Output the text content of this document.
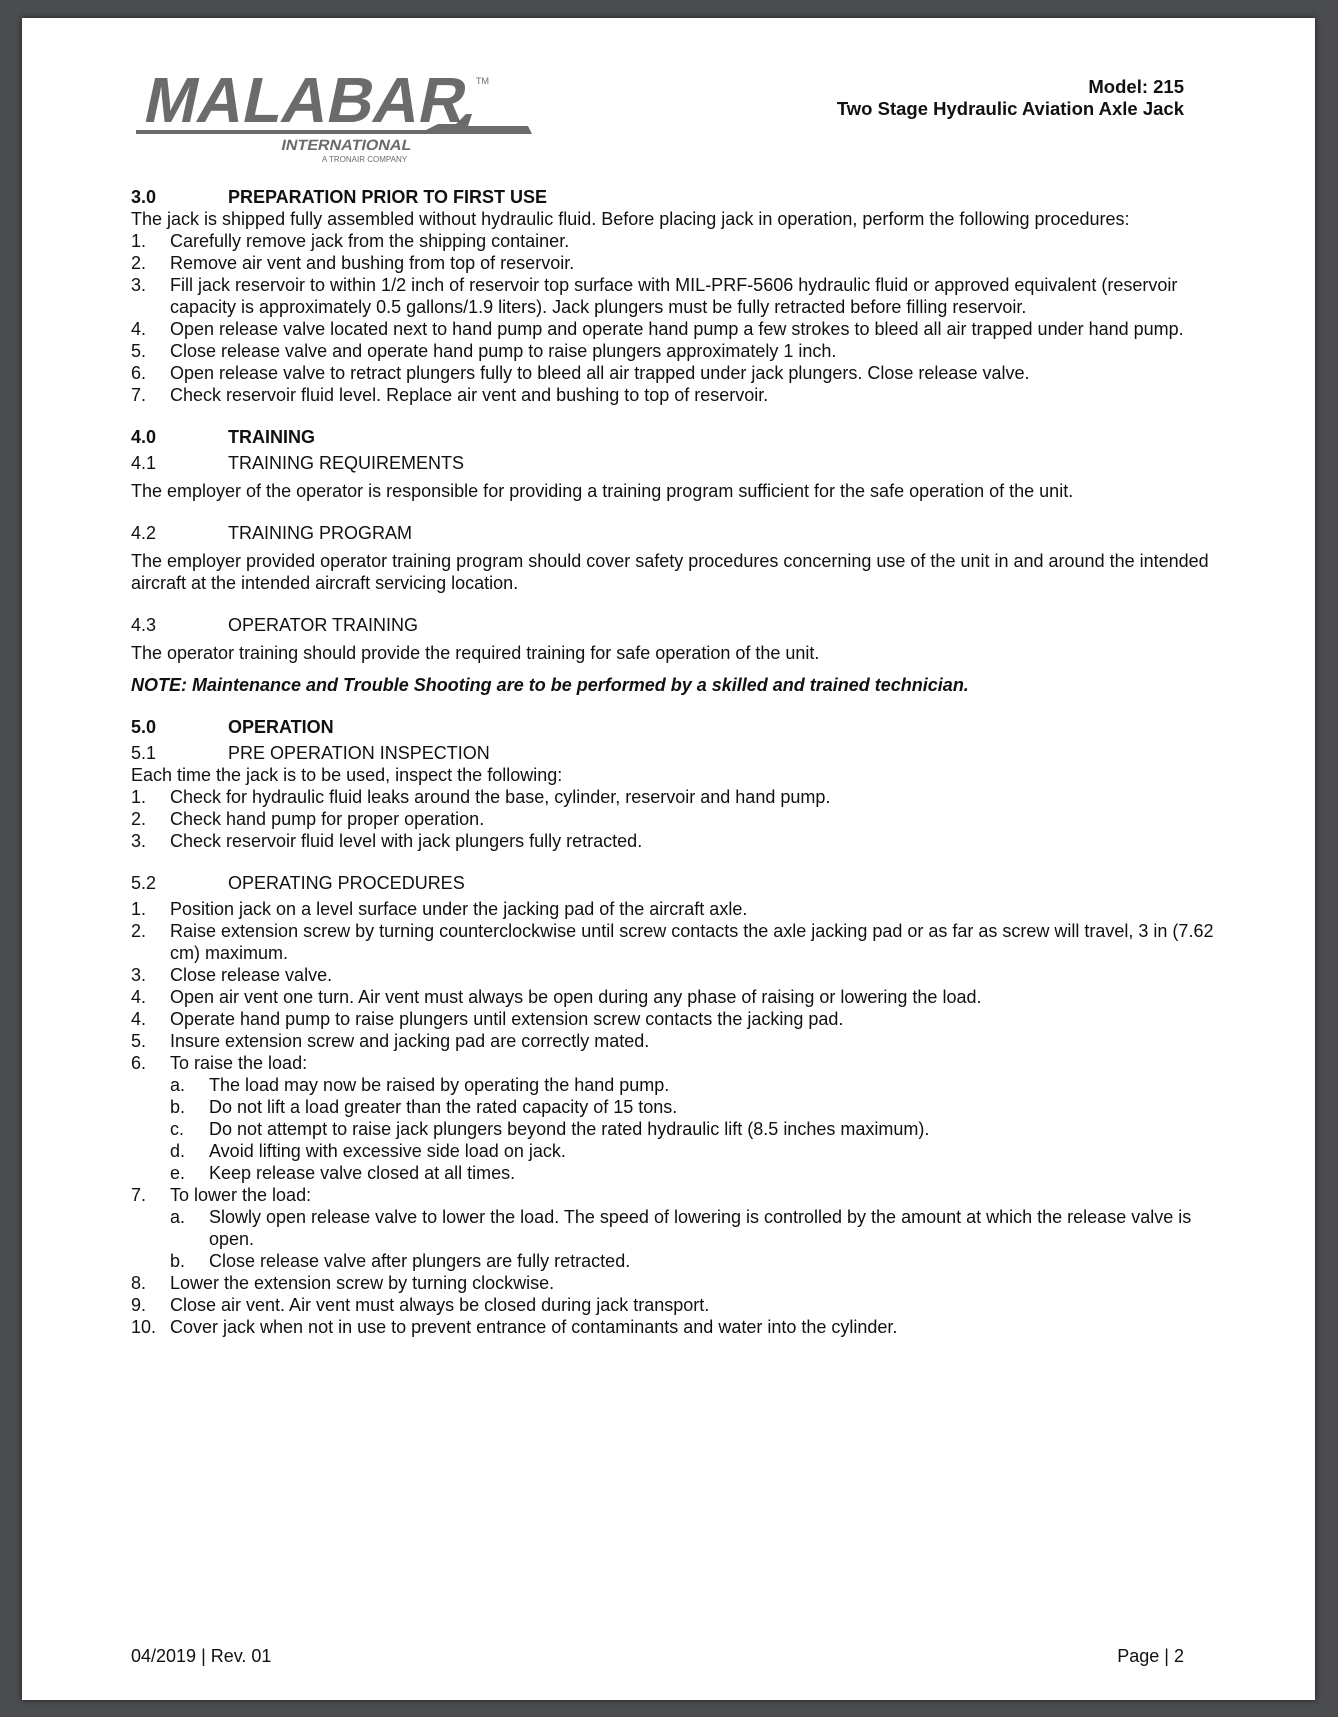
MALABAR
TM
INTERNATIONAL
A TRONAIR COMPANY
Model: 215
Two Stage Hydraulic Aviation Axle Jack
3.0	PREPARATION PRIOR TO FIRST USE
The jack is shipped fully assembled without hydraulic fluid. Before placing jack in operation, perform the following procedures:
1.	Carefully remove jack from the shipping container.
2.	Remove air vent and bushing from top of reservoir.
3.	Fill jack reservoir to within 1/2 inch of reservoir top surface with MIL-PRF-5606 hydraulic fluid or approved equivalent (reservoir capacity is approximately 0.5 gallons/1.9 liters). Jack plungers must be fully retracted before filling reservoir.
4.	Open release valve located next to hand pump and operate hand pump a few strokes to bleed all air trapped under hand pump.
5.	Close release valve and operate hand pump to raise plungers approximately 1 inch.
6.	Open release valve to retract plungers fully to bleed all air trapped under jack plungers. Close release valve.
7.	Check reservoir fluid level. Replace air vent and bushing to top of reservoir.
4.0	TRAINING
4.1	TRAINING REQUIREMENTS
The employer of the operator is responsible for providing a training program sufficient for the safe operation of the unit.
4.2	TRAINING PROGRAM
The employer provided operator training program should cover safety procedures concerning use of the unit in and around the intended aircraft at the intended aircraft servicing location.
4.3	OPERATOR TRAINING
The operator training should provide the required training for safe operation of the unit.
NOTE: Maintenance and Trouble Shooting are to be performed by a skilled and trained technician.
5.0	OPERATION
5.1	PRE OPERATION INSPECTION
Each time the jack is to be used, inspect the following:
1.	Check for hydraulic fluid leaks around the base, cylinder, reservoir and hand pump.
2.	Check hand pump for proper operation.
3.	Check reservoir fluid level with jack plungers fully retracted.
5.2	OPERATING PROCEDURES
1.	Position jack on a level surface under the jacking pad of the aircraft axle.
2.	Raise extension screw by turning counterclockwise until screw contacts the axle jacking pad or as far as screw will travel, 3 in (7.62 cm) maximum.
3.	Close release valve.
4.	Open air vent one turn. Air vent must always be open during any phase of raising or lowering the load.
4.	Operate hand pump to raise plungers until extension screw contacts the jacking pad.
5.	Insure extension screw and jacking pad are correctly mated.
6.	To raise the load:
a.	The load may now be raised by operating the hand pump.
b.	Do not lift a load greater than the rated capacity of 15 tons.
c.	Do not attempt to raise jack plungers beyond the rated hydraulic lift (8.5 inches maximum).
d.	Avoid lifting with excessive side load on jack.
e.	Keep release valve closed at all times.
7.	To lower the load:
a.	Slowly open release valve to lower the load. The speed of lowering is controlled by the amount at which the release valve is open.
b.	Close release valve after plungers are fully retracted.
8.	Lower the extension screw by turning clockwise.
9.	Close air vent. Air vent must always be closed during jack transport.
10. Cover jack when not in use to prevent entrance of contaminants and water into the cylinder.
04/2019 | Rev. 01	Page | 2
